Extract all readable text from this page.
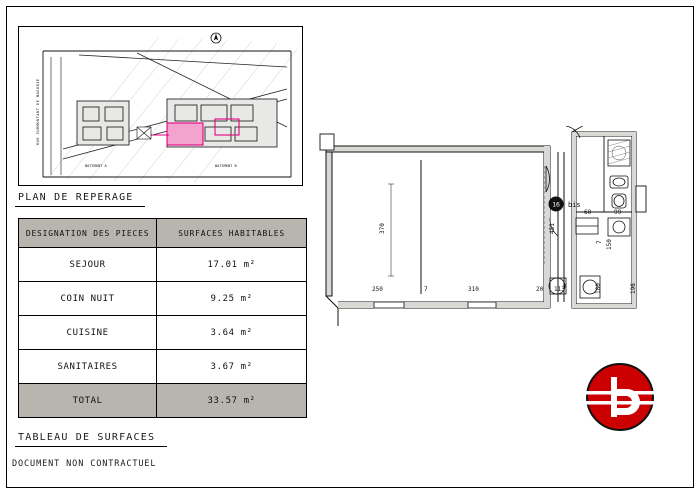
RUE SURMONTANT DE MAGORIE
BATIMENT A	BATIMENT B
PLAN DE REPERAGE
DESIGNATION DES PIECES	SURFACES HABITABLES
SEJOUR	17.01 m²
COIN NUIT	9.25 m²
CUISINE	3.64 m²
SANITAIRES	3.67 m²
TOTAL	33.57 m²
TABLEAU DE SURFACES
DOCUMENT NON CONTRACTUEL
370
250	7	310	20 113
451
60	99
7 150
180	196
16 bis
